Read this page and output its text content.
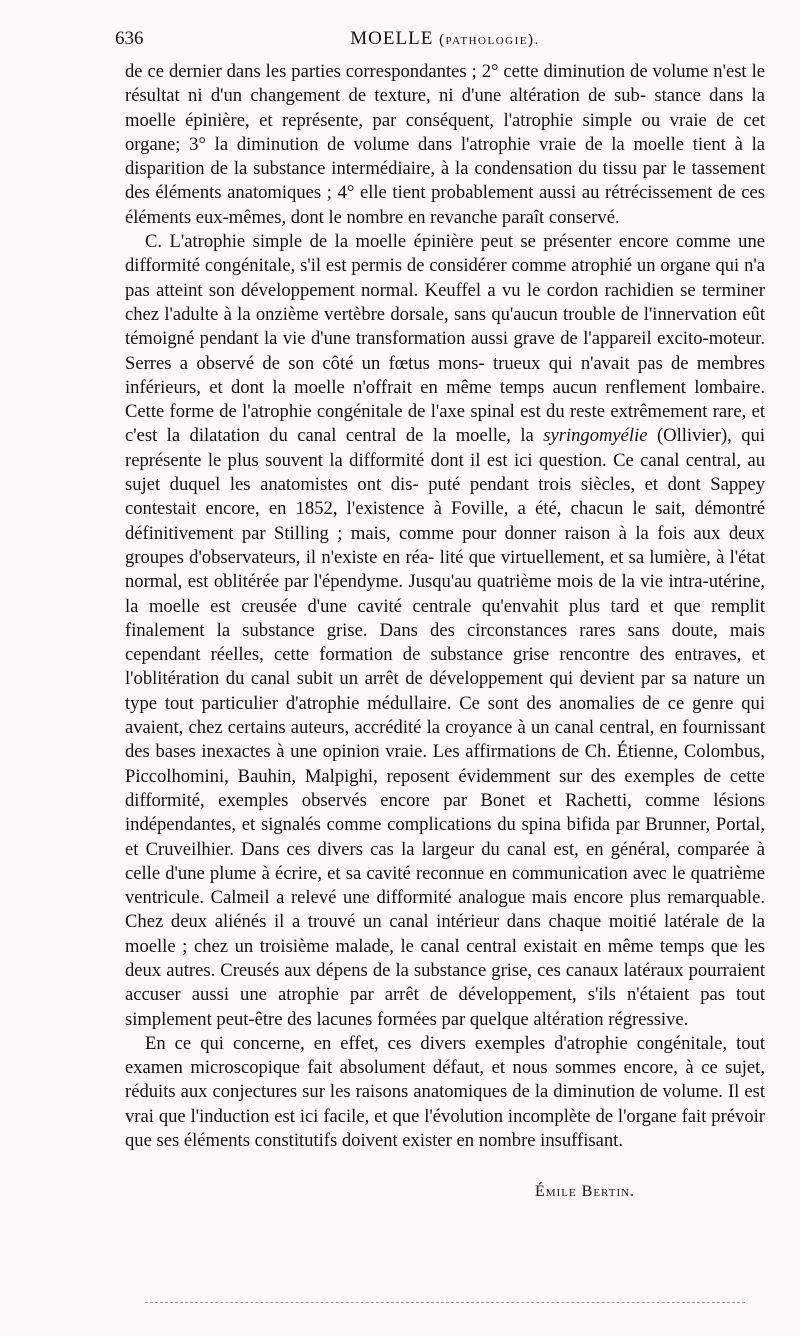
636	MOELLE (pathologie).

de ce dernier dans les parties correspondantes ; 2° cette diminution de volume n'est le résultat ni d'un changement de texture, ni d'une altération de sub- stance dans la moelle épinière, et représente, par conséquent, l'atrophie simple ou vraie de cet organe; 3° la diminution de volume dans l'atrophie vraie de la moelle tient à la disparition de la substance intermédiaire, à la condensation du tissu par le tassement des éléments anatomiques ; 4° elle tient probablement aussi au rétrécissement de ces éléments eux-mêmes, dont le nombre en revanche paraît conservé.

C. L'atrophie simple de la moelle épinière peut se présenter encore comme une difformité congénitale, s'il est permis de considérer comme atrophié un organe qui n'a pas atteint son développement normal. Keuffel a vu le cordon rachidien se terminer chez l'adulte à la onzième vertèbre dorsale, sans qu'aucun trouble de l'innervation eût témoigné pendant la vie d'une transformation aussi grave de l'appareil excito-moteur. Serres a observé de son côté un fœtus mons- trueux qui n'avait pas de membres inférieurs, et dont la moelle n'offrait en même temps aucun renflement lombaire. Cette forme de l'atrophie congénitale de l'axe spinal est du reste extrêmement rare, et c'est la dilatation du canal central de la moelle, la syringomyélie (Ollivier), qui représente le plus souvent la difformité dont il est ici question. Ce canal central, au sujet duquel les anatomistes ont dis- puté pendant trois siècles, et dont Sappey contestait encore, en 1852, l'existence à Foville, a été, chacun le sait, démontré définitivement par Stilling ; mais, comme pour donner raison à la fois aux deux groupes d'observateurs, il n'existe en réa- lité que virtuellement, et sa lumière, à l'état normal, est oblitérée par l'épendyme. Jusqu'au quatrième mois de la vie intra-utérine, la moelle est creusée d'une cavité centrale qu'envahit plus tard et que remplit finalement la substance grise. Dans des circonstances rares sans doute, mais cependant réelles, cette formation de substance grise rencontre des entraves, et l'oblitération du canal subit un arrêt de développement qui devient par sa nature un type tout particulier d'atrophie médullaire. Ce sont des anomalies de ce genre qui avaient, chez certains auteurs, accrédité la croyance à un canal central, en fournissant des bases inexactes à une opinion vraie. Les affirmations de Ch. Étienne, Colombus, Piccolhomini, Bauhin, Malpighi, reposent évidemment sur des exemples de cette difformité, exemples observés encore par Bonet et Rachetti, comme lésions indépendantes, et signalés comme complications du spina bifida par Brunner, Portal, et Cruveilhier. Dans ces divers cas la largeur du canal est, en général, comparée à celle d'une plume à écrire, et sa cavité reconnue en communication avec le quatrième ventricule. Calmeil a relevé une difformité analogue mais encore plus remarquable. Chez deux aliénés il a trouvé un canal intérieur dans chaque moitié latérale de la moelle ; chez un troisième malade, le canal central existait en même temps que les deux autres. Creusés aux dépens de la substance grise, ces canaux latéraux pourraient accuser aussi une atrophie par arrêt de développement, s'ils n'étaient pas tout simplement peut-être des lacunes formées par quelque altération régressive.

En ce qui concerne, en effet, ces divers exemples d'atrophie congénitale, tout examen microscopique fait absolument défaut, et nous sommes encore, à ce sujet, réduits aux conjectures sur les raisons anatomiques de la diminution de volume. Il est vrai que l'induction est ici facile, et que l'évolution incomplète de l'organe fait prévoir que ses éléments constitutifs doivent exister en nombre insuffisant.

Émile Bertin.
